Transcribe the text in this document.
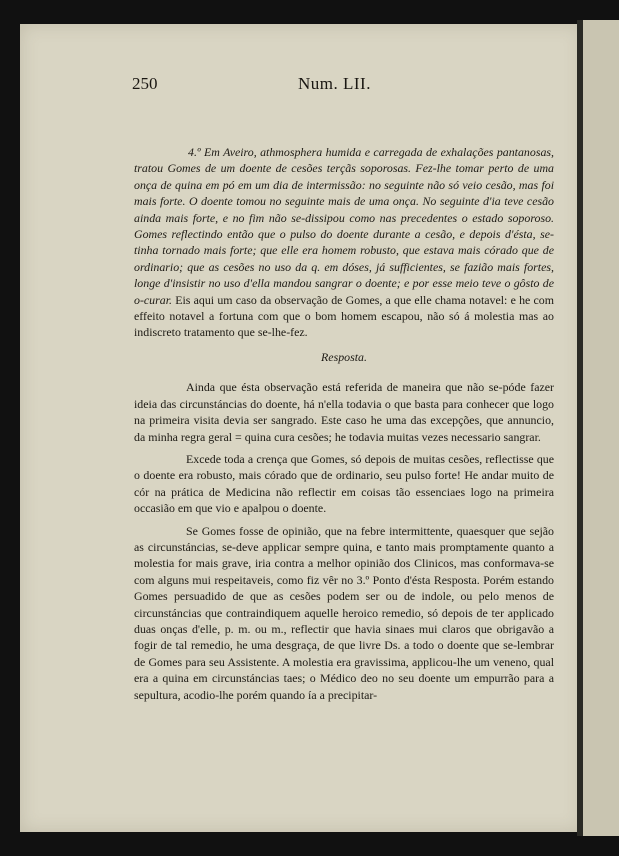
250	Num. LII.

4.º Em Aveiro, athmosphera humida e carregada de exhalações pantanosas, tratou Gomes de um doente de cesões terçãs soporosas. Fez-lhe tomar perto de uma onça de quina em pó em um dia de intermissão: no seguinte não só veio cesão, mas foi mais forte. O doente tomou no seguinte mais de uma onça. No seguinte d'ia teve cesão ainda mais forte, e no fim não se-dissipou como nas precedentes o estado soporoso. Gomes reflectindo então que o pulso do doente durante a cesão, e depois d'ésta, se-tinha tornado mais forte; que elle era homem robusto, que estava mais córado que de ordinario; que as cesões no uso da q. em dóses, já sufficientes, se fazião mais fortes, longe d'insistir no uso d'ella mandou sangrar o doente; e por esse meio teve o gôsto de o-curar. Eis aqui um caso da observação de Gomes, a que elle chama notavel: e he com effeito notavel a fortuna com que o bom homem escapou, não só á molestia mas ao indiscreto tratamento que se-lhe-fez.

Resposta.

Ainda que ésta observação está referida de maneira que não se-póde fazer ideia das circunstáncias do doente, há n'ella todavia o que basta para conhecer que logo na primeira visita devia ser sangrado. Este caso he uma das excepções, que annuncio, da minha regra geral = quina cura cesões; he todavia muitas vezes necessario sangrar.

Excede toda a crença que Gomes, só depois de muitas cesões, reflectisse que o doente era robusto, mais córado que de ordinario, seu pulso forte! He andar muito de cór na prática de Medicina não reflectir em coisas tão essenciaes logo na primeira occasião em que vio e apalpou o doente.

Se Gomes fosse de opinião, que na febre intermittente, quaesquer que sejão as circunstáncias, se-deve applicar sempre quina, e tanto mais promptamente quanto a molestia for mais grave, iria contra a melhor opinião dos Clinicos, mas conformava-se com alguns mui respeitaveis, como fiz vêr no 3.º Ponto d'ésta Resposta. Porém estando Gomes persuadido de que as cesões podem ser ou de indole, ou pelo menos de circunstáncias que contraindiquem aquelle heroico remedio, só depois de ter applicado duas onças d'elle, p. m. ou m., reflectir que havia sinaes mui claros que obrigavão a fogir de tal remedio, he uma desgraça, de que livre Ds. a todo o doente que se-lembrar de Gomes para seu Assistente. A molestia era gravissima, applicou-lhe um veneno, qual era a quina em circunstáncias taes; o Médico deo no seu doente um empurrão para a sepultura, acodio-lhe porém quando ía a precipitar-
